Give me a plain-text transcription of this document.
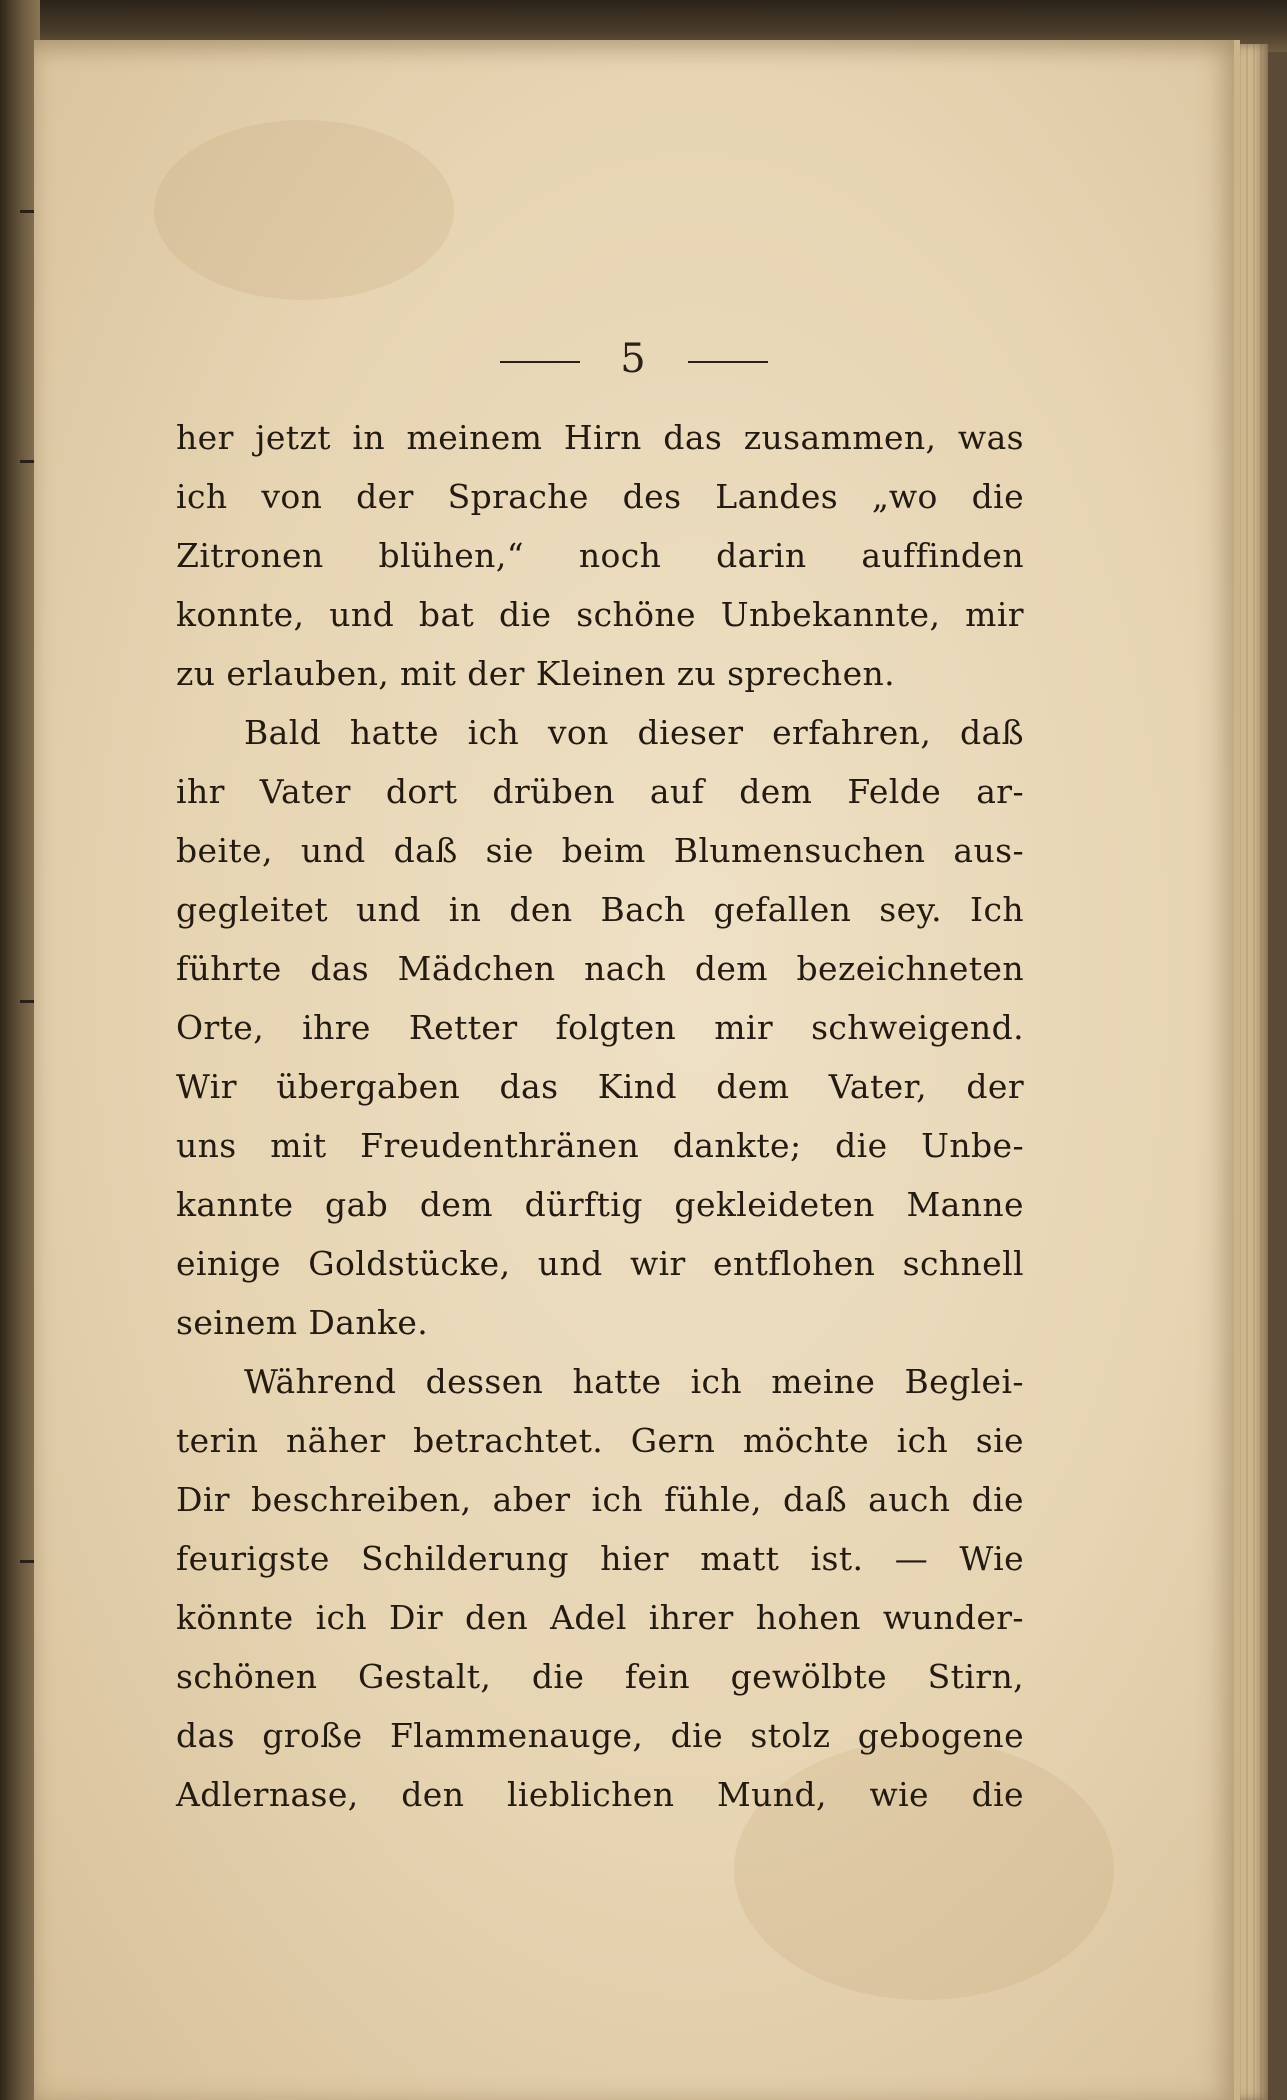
5
her jetzt in meinem Hirn das zusammen, was
ich von der Sprache des Landes „wo die
Zitronen blühen,“ noch darin auffinden
konnte, und bat die schöne Unbekannte, mir
zu erlauben, mit der Kleinen zu sprechen.
Bald hatte ich von dieser erfahren, daß
ihr Vater dort drüben auf dem Felde ar-
beite, und daß sie beim Blumensuchen aus-
gegleitet und in den Bach gefallen sey. Ich
führte das Mädchen nach dem bezeichneten
Orte, ihre Retter folgten mir schweigend.
Wir übergaben das Kind dem Vater, der
uns mit Freudenthränen dankte; die Unbe-
kannte gab dem dürftig gekleideten Manne
einige Goldstücke, und wir entflohen schnell
seinem Danke.
Während dessen hatte ich meine Beglei-
terin näher betrachtet. Gern möchte ich sie
Dir beschreiben, aber ich fühle, daß auch die
feurigste Schilderung hier matt ist. — Wie
könnte ich Dir den Adel ihrer hohen wunder-
schönen Gestalt, die fein gewölbte Stirn,
das große Flammenauge, die stolz gebogene
Adlernase, den lieblichen Mund, wie die
